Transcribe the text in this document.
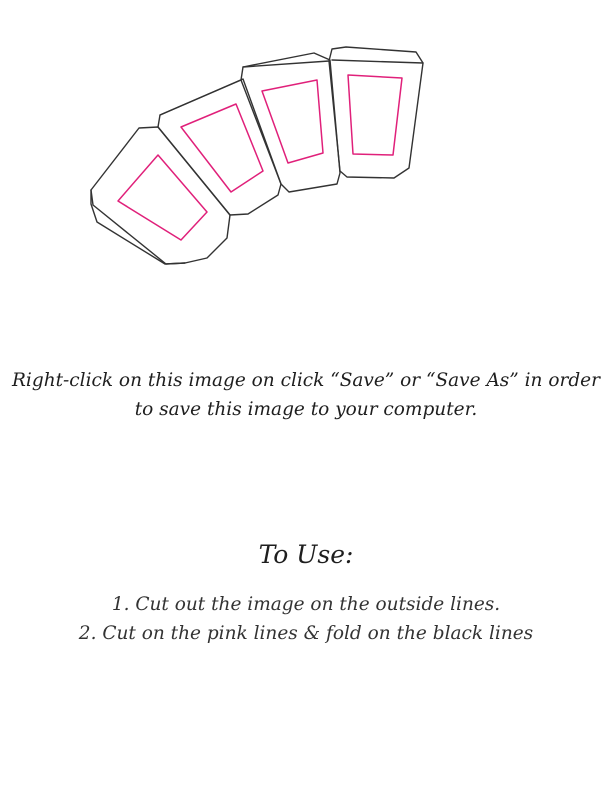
Right-click on this image on click “Save” or “Save As” in order
to save this image to your computer.

To Use:
1. Cut out the image on the outside lines.
2. Cut on the pink lines & fold on the black lines
